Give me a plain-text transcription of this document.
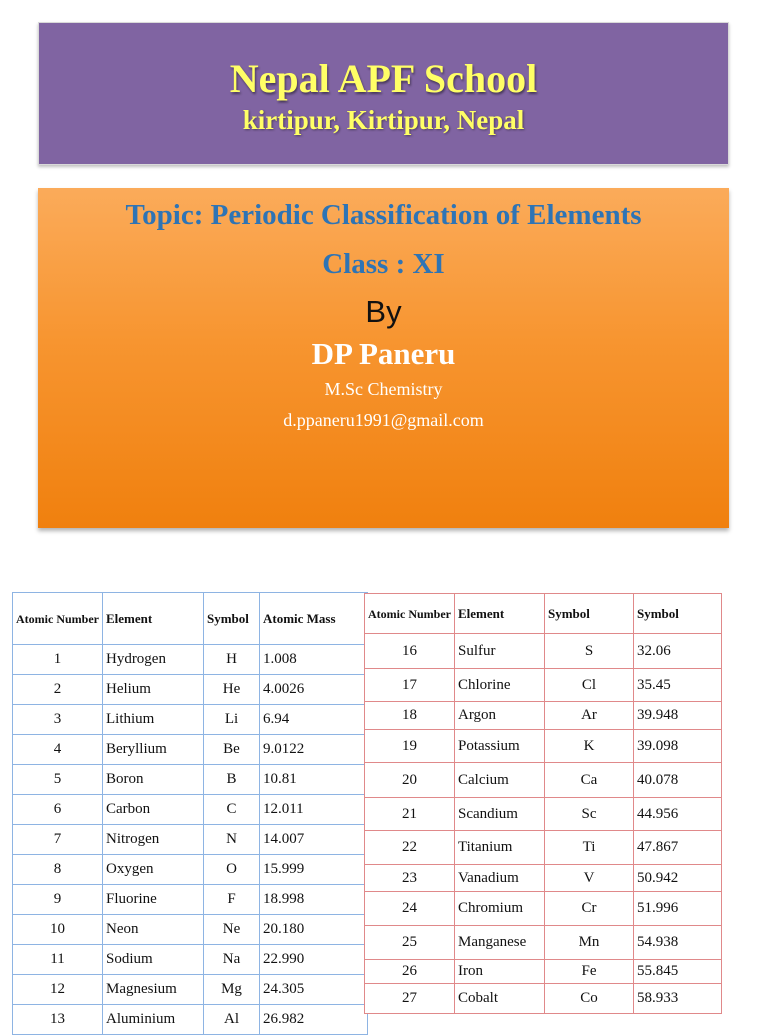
Nepal APF School
kirtipur, Kirtipur, Nepal
Topic: Periodic Classification of Elements
Class : XI
By
DP Paneru
M.Sc Chemistry
d.ppaneru1991@gmail.com
Atomic Number	Element	Symbol	Atomic Mass
1	Hydrogen	H	1.008
2	Helium	He	4.0026
3	Lithium	Li	6.94
4	Beryllium	Be	9.0122
5	Boron	B	10.81
6	Carbon	C	12.011
7	Nitrogen	N	14.007
8	Oxygen	O	15.999
9	Fluorine	F	18.998
10	Neon	Ne	20.180
11	Sodium	Na	22.990
12	Magnesium	Mg	24.305
13	Aluminium	Al	26.982
Atomic Number	Element	Symbol	Symbol
16	Sulfur	S	32.06
17	Chlorine	Cl	35.45
18	Argon	Ar	39.948
19	Potassium	K	39.098
20	Calcium	Ca	40.078
21	Scandium	Sc	44.956
22	Titanium	Ti	47.867
23	Vanadium	V	50.942
24	Chromium	Cr	51.996
25	Manganese	Mn	54.938
26	Iron	Fe	55.845
27	Cobalt	Co	58.933
